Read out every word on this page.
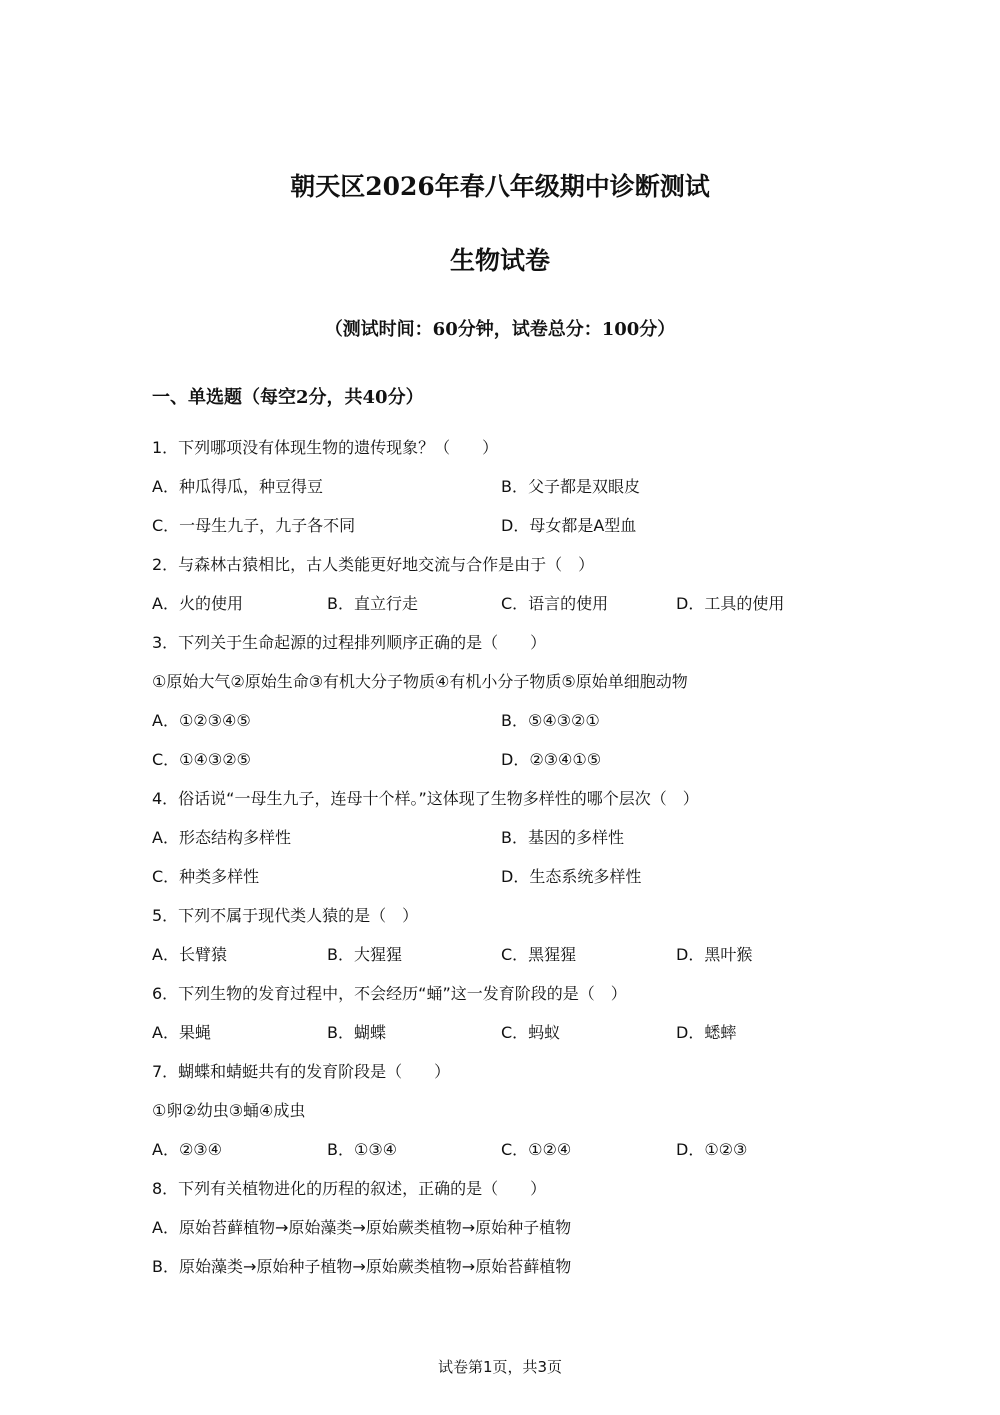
朝天区2026年春八年级期中诊断测试
生物试卷
（测试时间：60分钟，试卷总分：100分）
一、单选题（每空2分，共40分）
1．下列哪项没有体现生物的遗传现象？（　　）
A．种瓜得瓜，种豆得豆	B．父子都是双眼皮
C．一母生九子，九子各不同	D．母女都是A型血
2．与森林古猿相比，古人类能更好地交流与合作是由于（　）
A．火的使用	B．直立行走	C．语言的使用	D．工具的使用
3．下列关于生命起源的过程排列顺序正确的是（　　）
①原始大气②原始生命③有机大分子物质④有机小分子物质⑤原始单细胞动物
A．①②③④⑤	B．⑤④③②①
C．①④③②⑤	D．②③④①⑤
4．俗话说“一母生九子，连母十个样。”这体现了生物多样性的哪个层次（　）
A．形态结构多样性	B．基因的多样性
C．种类多样性	D．生态系统多样性
5．下列不属于现代类人猿的是（　）
A．长臂猿	B．大猩猩	C．黑猩猩	D．黑叶猴
6．下列生物的发育过程中，不会经历“蛹”这一发育阶段的是（　）
A．果蝇	B．蝴蝶	C．蚂蚁	D．蟋蟀
7．蝴蝶和蜻蜓共有的发育阶段是（　　）
①卵②幼虫③蛹④成虫
A．②③④	B．①③④	C．①②④	D．①②③
8．下列有关植物进化的历程的叙述，正确的是（　　）
A．原始苔藓植物→原始藻类→原始蕨类植物→原始种子植物
B．原始藻类→原始种子植物→原始蕨类植物→原始苔藓植物
试卷第1页，共3页
